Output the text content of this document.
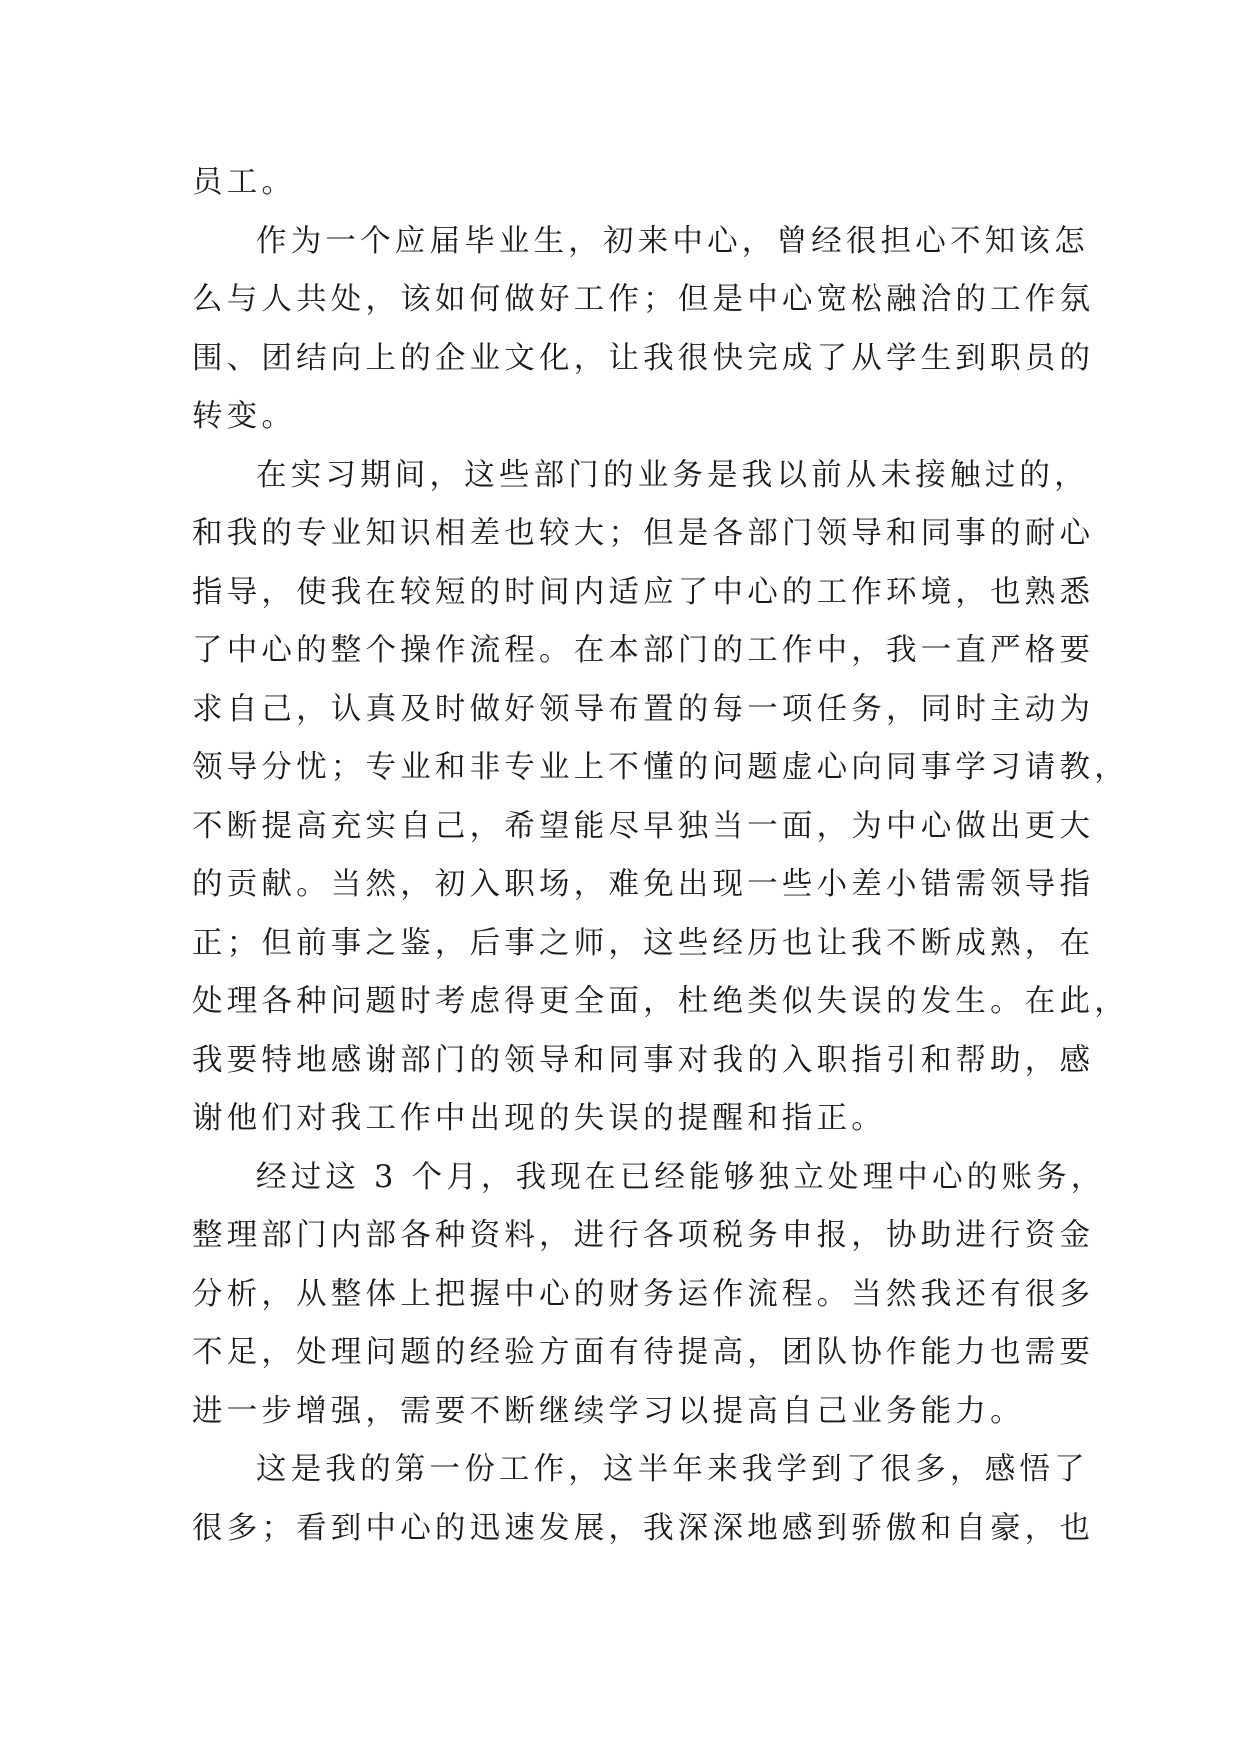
员工。
作为一个应届毕业生，初来中心，曾经很担心不知该怎
么与人共处，该如何做好工作；但是中心宽松融洽的工作氛
围、团结向上的企业文化，让我很快完成了从学生到职员的
转变。
在实习期间，这些部门的业务是我以前从未接触过的，
和我的专业知识相差也较大；但是各部门领导和同事的耐心
指导，使我在较短的时间内适应了中心的工作环境，也熟悉
了中心的整个操作流程。在本部门的工作中，我一直严格要
求自己，认真及时做好领导布置的每一项任务，同时主动为
领导分忧；专业和非专业上不懂的问题虚心向同事学习请教，
不断提高充实自己，希望能尽早独当一面，为中心做出更大
的贡献。当然，初入职场，难免出现一些小差小错需领导指
正；但前事之鉴，后事之师，这些经历也让我不断成熟，在
处理各种问题时考虑得更全面，杜绝类似失误的发生。在此，
我要特地感谢部门的领导和同事对我的入职指引和帮助，感
谢他们对我工作中出现的失误的提醒和指正。
经过这 3 个月，我现在已经能够独立处理中心的账务，
整理部门内部各种资料，进行各项税务申报，协助进行资金
分析，从整体上把握中心的财务运作流程。当然我还有很多
不足，处理问题的经验方面有待提高，团队协作能力也需要
进一步增强，需要不断继续学习以提高自己业务能力。
这是我的第一份工作，这半年来我学到了很多，感悟了
很多；看到中心的迅速发展，我深深地感到骄傲和自豪，也
